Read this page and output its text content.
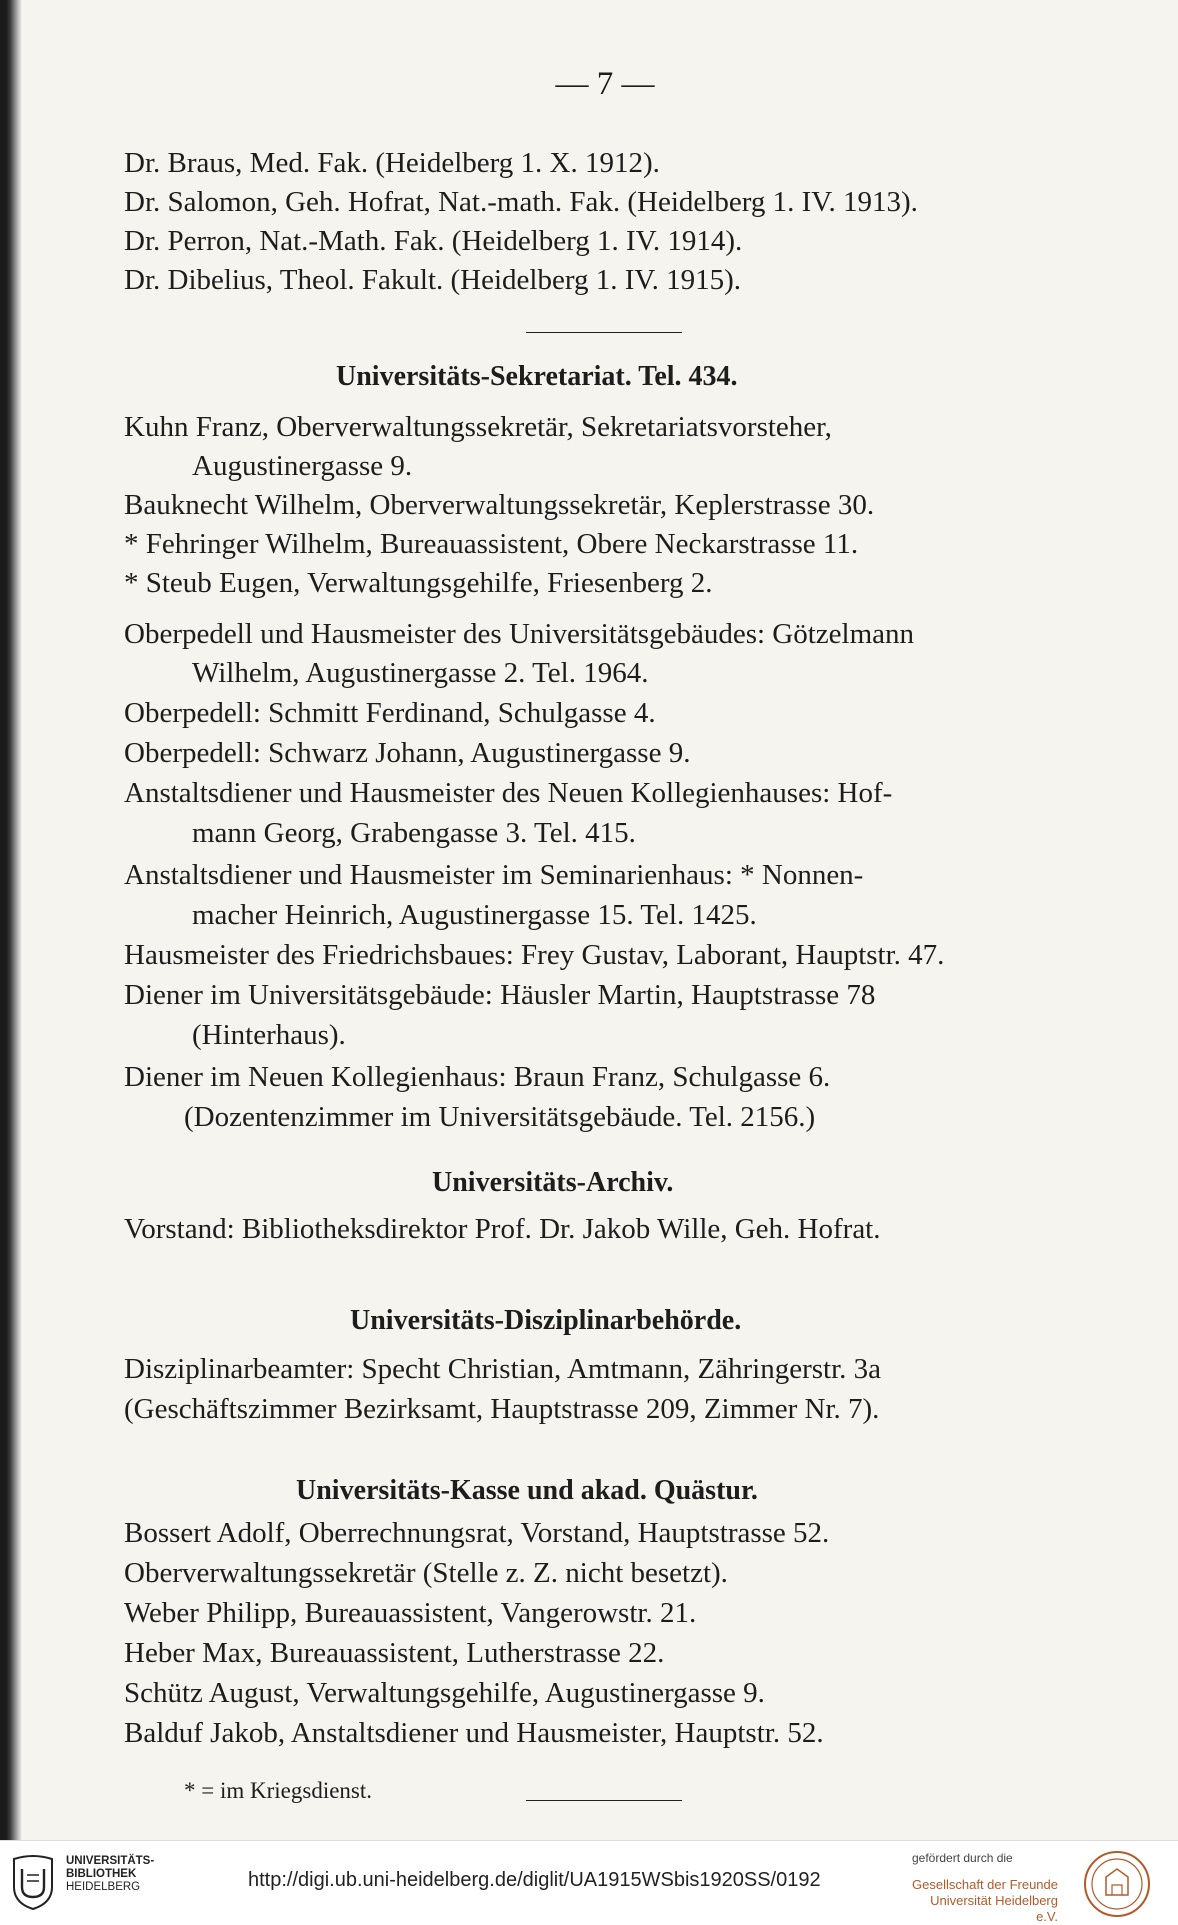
— 7 —
Dr. Braus, Med. Fak. (Heidelberg 1. X. 1912).
Dr. Salomon, Geh. Hofrat, Nat.-math. Fak. (Heidelberg 1. IV. 1913).
Dr. Perron, Nat.-Math. Fak. (Heidelberg 1. IV. 1914).
Dr. Dibelius, Theol. Fakult. (Heidelberg 1. IV. 1915).
Universitäts-Sekretariat. Tel. 434.
Kuhn Franz, Oberverwaltungssekretär, Sekretariatsvorsteher,
Augustinergasse 9.
Bauknecht Wilhelm, Oberverwaltungssekretär, Keplerstrasse 30.
* Fehringer Wilhelm, Bureauassistent, Obere Neckarstrasse 11.
* Steub Eugen, Verwaltungsgehilfe, Friesenberg 2.
Oberpedell und Hausmeister des Universitätsgebäudes: Götzelmann
Wilhelm, Augustinergasse 2. Tel. 1964.
Oberpedell: Schmitt Ferdinand, Schulgasse 4.
Oberpedell: Schwarz Johann, Augustinergasse 9.
Anstaltsdiener und Hausmeister des Neuen Kollegienhauses: Hof-
mann Georg, Grabengasse 3. Tel. 415.
Anstaltsdiener und Hausmeister im Seminarienhaus: * Nonnen-
macher Heinrich, Augustinergasse 15. Tel. 1425.
Hausmeister des Friedrichsbaues: Frey Gustav, Laborant, Hauptstr. 47.
Diener im Universitätsgebäude: Häusler Martin, Hauptstrasse 78
(Hinterhaus).
Diener im Neuen Kollegienhaus: Braun Franz, Schulgasse 6.
(Dozentenzimmer im Universitätsgebäude. Tel. 2156.)
Universitäts-Archiv.
Vorstand: Bibliotheksdirektor Prof. Dr. Jakob Wille, Geh. Hofrat.
Universitäts-Disziplinarbehörde.
Disziplinarbeamter: Specht Christian, Amtmann, Zähringerstr. 3a
(Geschäftszimmer Bezirksamt, Hauptstrasse 209, Zimmer Nr. 7).
Universitäts-Kasse und akad. Quästur.
Bossert Adolf, Oberrechnungsrat, Vorstand, Hauptstrasse 52.
Oberverwaltungssekretär (Stelle z. Z. nicht besetzt).
Weber Philipp, Bureauassistent, Vangerowstr. 21.
Heber Max, Bureauassistent, Lutherstrasse 22.
Schütz August, Verwaltungsgehilfe, Augustinergasse 9.
Balduf Jakob, Anstaltsdiener und Hausmeister, Hauptstr. 52.
* = im Kriegsdienst.
UNIVERSITÄTS-
BIBLIOTHEK
HEIDELBERG	http://digi.ub.uni-heidelberg.de/diglit/UA1915WSbis1920SS/0192
gefördert durch die
Gesellschaft der Freunde
Universität Heidelberg e.V.
